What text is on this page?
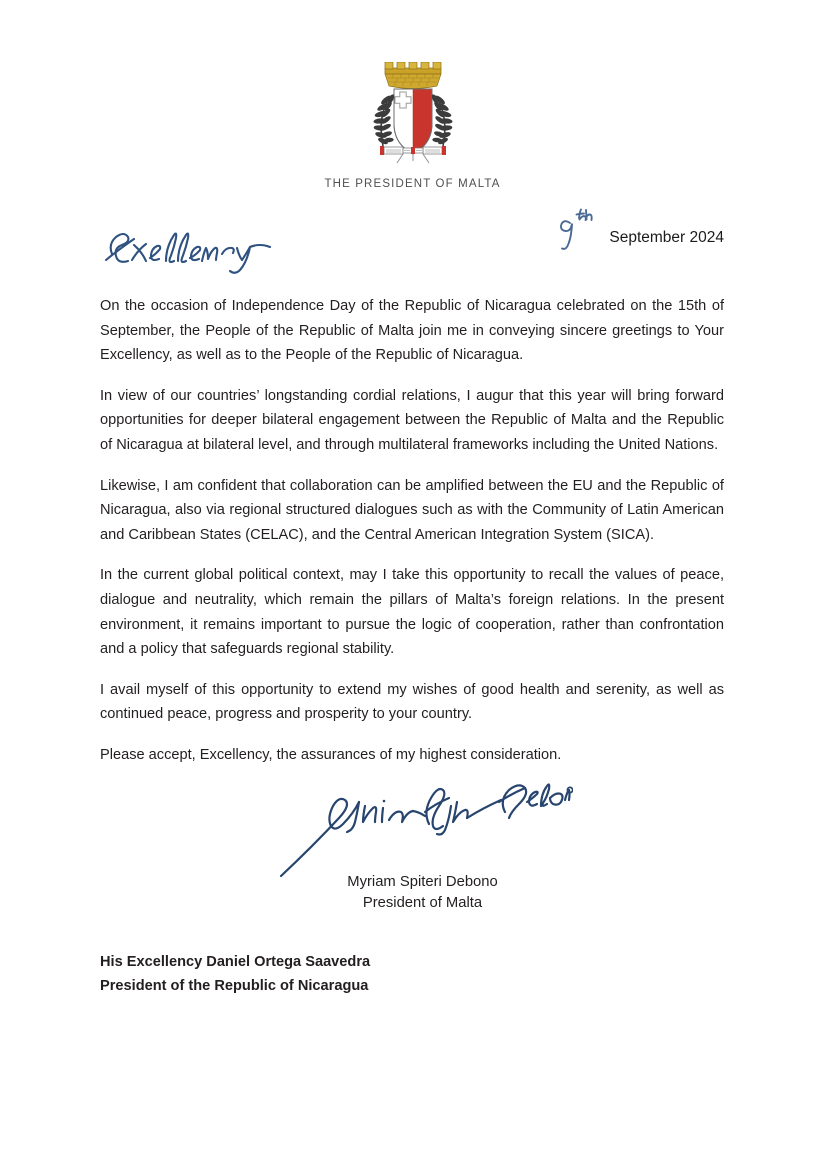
THE PRESIDENT OF MALTA
September 2024

On the occasion of Independence Day of the Republic of Nicaragua celebrated on the 15th of September, the People of the Republic of Malta join me in conveying sincere greetings to Your Excellency, as well as to the People of the Republic of Nicaragua.

In view of our countries’ longstanding cordial relations, I augur that this year will bring forward opportunities for deeper bilateral engagement between the Republic of Malta and the Republic of Nicaragua at bilateral level, and through multilateral frameworks including the United Nations.

Likewise, I am confident that collaboration can be amplified between the EU and the Republic of Nicaragua, also via regional structured dialogues such as with the Community of Latin American and Caribbean States (CELAC), and the Central American Integration System (SICA).

In the current global political context, may I take this opportunity to recall the values of peace, dialogue and neutrality, which remain the pillars of Malta’s foreign relations. In the present environment, it remains important to pursue the logic of cooperation, rather than confrontation and a policy that safeguards regional stability.

I avail myself of this opportunity to extend my wishes of good health and serenity, as well as continued peace, progress and prosperity to your country.

Please accept, Excellency, the assurances of my highest consideration.

Myriam Spiteri Debono
President of Malta
His Excellency Daniel Ortega Saavedra
President of the Republic of Nicaragua
